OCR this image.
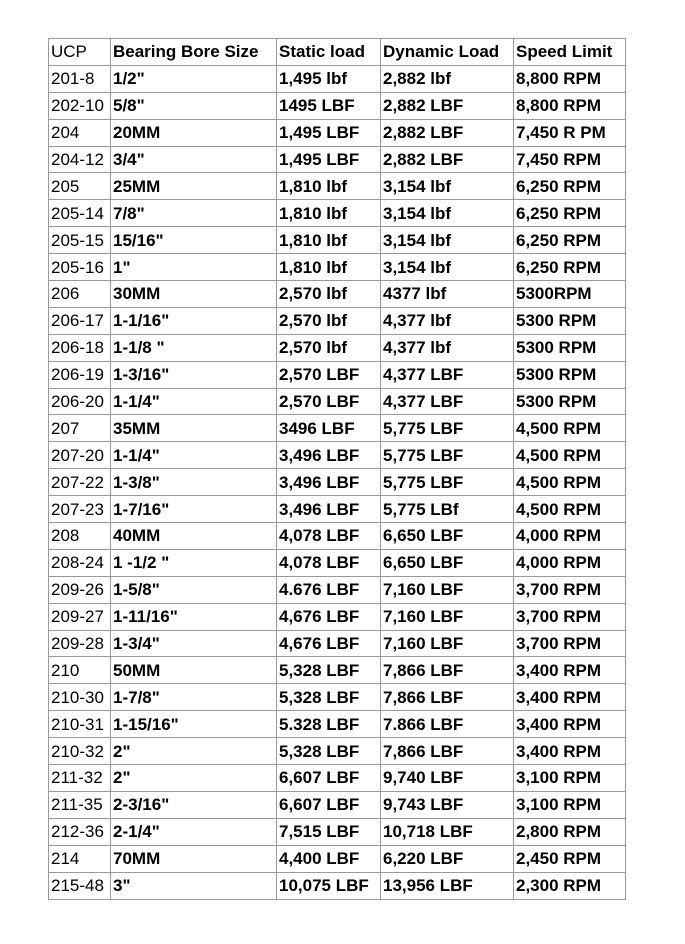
UCP	Bearing Bore Size	Static load	Dynamic Load	Speed Limit
201-8	1/2"	1,495 lbf	2,882 lbf	8,800 RPM
202-10	5/8"	1495 LBF	2,882 LBF	8,800 RPM
204	20MM	1,495 LBF	2,882 LBF	7,450 R PM
204-12	3/4"	1,495 LBF	2,882 LBF	7,450 RPM
205	25MM	1,810 lbf	3,154 lbf	6,250 RPM
205-14	7/8"	1,810 lbf	3,154 lbf	6,250 RPM
205-15	15/16"	1,810 lbf	3,154 lbf	6,250 RPM
205-16	1"	1,810 lbf	3,154 lbf	6,250 RPM
206	30MM	2,570 lbf	4377 lbf	5300RPM
206-17	1-1/16"	2,570 lbf	4,377 lbf	5300 RPM
206-18	1-1/8 "	2,570 lbf	4,377 lbf	5300 RPM
206-19	1-3/16"	2,570 LBF	4,377 LBF	5300 RPM
206-20	1-1/4"	2,570 LBF	4,377 LBF	5300 RPM
207	35MM	3496 LBF	5,775 LBF	4,500 RPM
207-20	1-1/4"	3,496 LBF	5,775 LBF	4,500 RPM
207-22	1-3/8"	3,496 LBF	5,775 LBF	4,500 RPM
207-23	1-7/16"	3,496 LBF	5,775 LBf	4,500 RPM
208	40MM	4,078 LBF	6,650 LBF	4,000 RPM
208-24	1 -1/2 "	4,078 LBF	6,650 LBF	4,000 RPM
209-26	1-5/8"	4.676 LBF	7,160 LBF	3,700 RPM
209-27	1-11/16"	4,676 LBF	7,160 LBF	3,700 RPM
209-28	1-3/4"	4,676 LBF	7,160 LBF	3,700 RPM
210	50MM	5,328 LBF	7,866 LBF	3,400 RPM
210-30	1-7/8"	5,328 LBF	7,866 LBF	3,400 RPM
210-31	1-15/16"	5.328 LBF	7.866 LBF	3,400 RPM
210-32	2"	5,328 LBF	7,866 LBF	3,400 RPM
211-32	2"	6,607 LBF	9,740 LBF	3,100 RPM
211-35	2-3/16"	6,607 LBF	9,743 LBF	3,100 RPM
212-36	2-1/4"	7,515 LBF	10,718 LBF	2,800 RPM
214	70MM	4,400 LBF	6,220 LBF	2,450 RPM
215-48	3"	10,075 LBF	13,956 LBF	2,300 RPM
